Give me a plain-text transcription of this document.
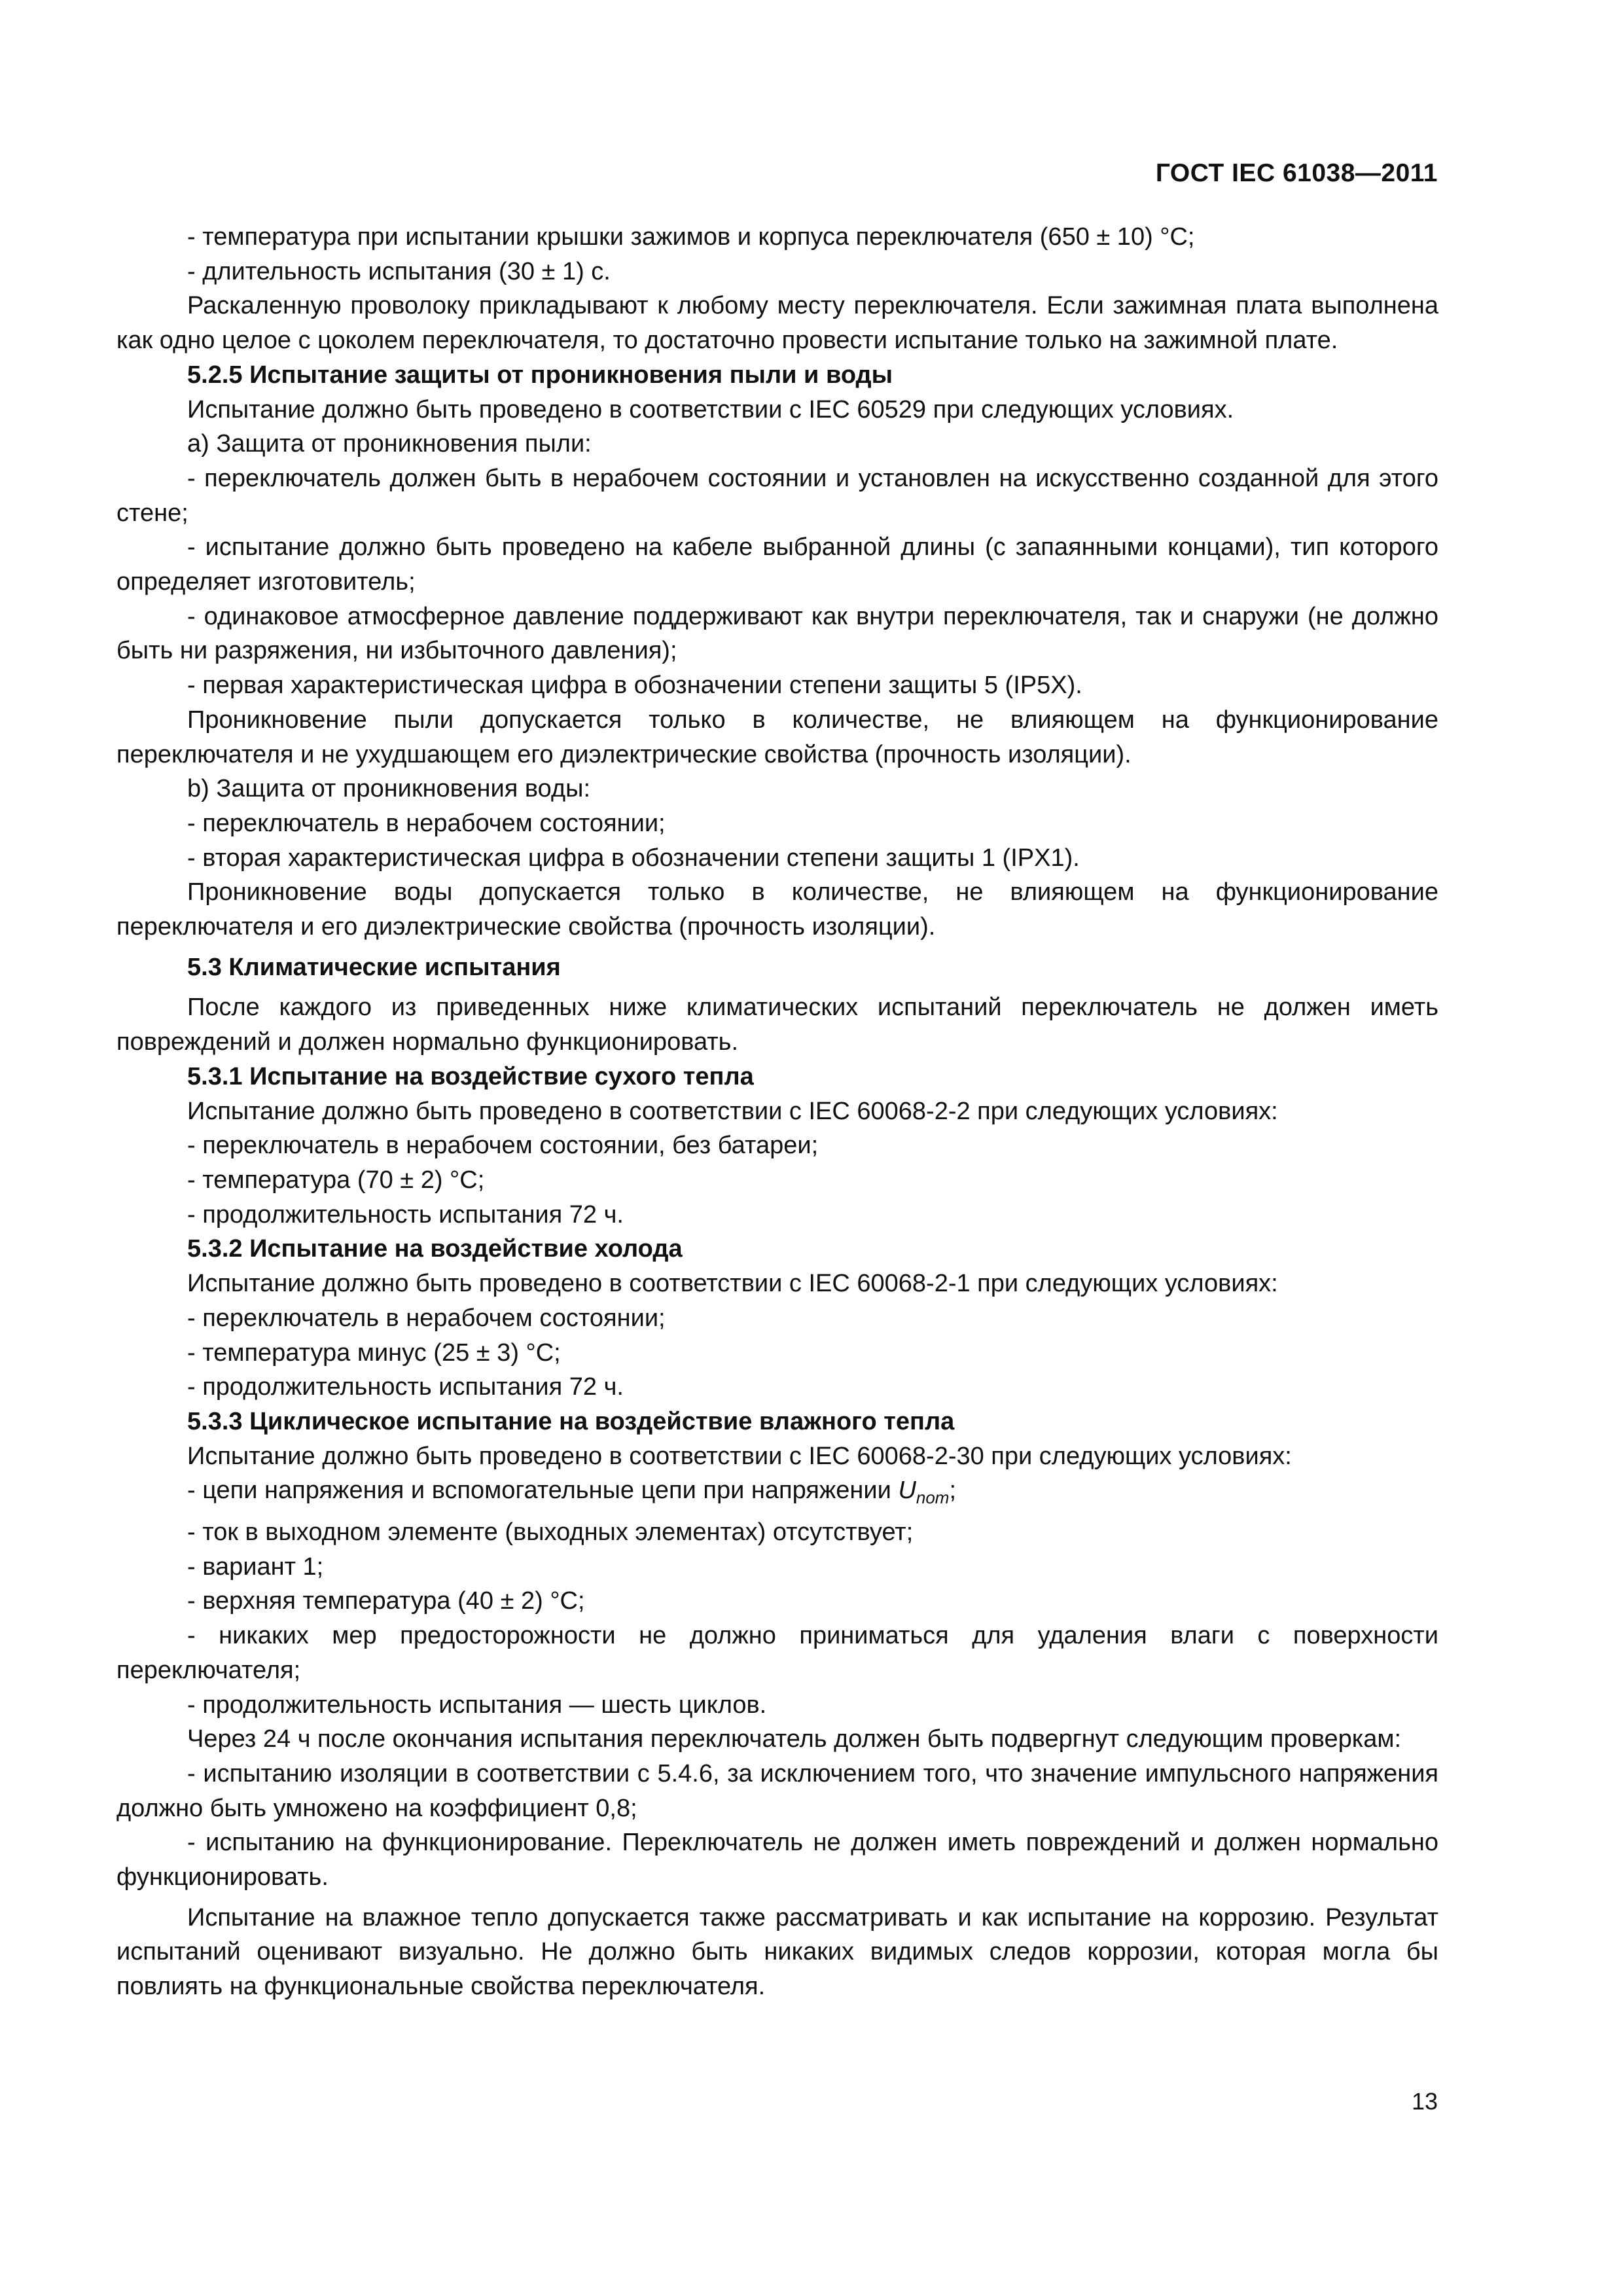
ГОСТ IEC 61038—2011

- температура при испытании крышки зажимов и корпуса переключателя (650 ± 10) °C;

- длительность испытания (30 ± 1) с.

Раскаленную проволоку прикладывают к любому месту переключателя. Если зажимная плата выполнена как одно целое с цоколем переключателя, то достаточно провести испытание только на зажимной плате.

5.2.5 Испытание защиты от проникновения пыли и воды

Испытание должно быть проведено в соответствии с IEC 60529 при следующих условиях.

a) Защита от проникновения пыли:

- переключатель должен быть в нерабочем состоянии и установлен на искусственно созданной для этого стене;

- испытание должно быть проведено на кабеле выбранной длины (с запаянными концами), тип которого определяет изготовитель;

- одинаковое атмосферное давление поддерживают как внутри переключателя, так и снаружи (не должно быть ни разряжения, ни избыточного давления);

- первая характеристическая цифра в обозначении степени защиты 5 (IP5X).

Проникновение пыли допускается только в количестве, не влияющем на функционирование переключателя и не ухудшающем его диэлектрические свойства (прочность изоляции).

b) Защита от проникновения воды:

- переключатель в нерабочем состоянии;

- вторая характеристическая цифра в обозначении степени защиты 1 (IPX1).

Проникновение воды допускается только в количестве, не влияющем на функционирование переключателя и его диэлектрические свойства (прочность изоляции).

5.3 Климатические испытания

После каждого из приведенных ниже климатических испытаний переключатель не должен иметь повреждений и должен нормально функционировать.

5.3.1 Испытание на воздействие сухого тепла

Испытание должно быть проведено в соответствии с IEC 60068-2-2 при следующих условиях:

- переключатель в нерабочем состоянии, без батареи;

- температура (70 ± 2) °C;

- продолжительность испытания 72 ч.

5.3.2 Испытание на воздействие холода

Испытание должно быть проведено в соответствии с IEC 60068-2-1 при следующих условиях:

- переключатель в нерабочем состоянии;

- температура минус (25 ± 3) °C;

- продолжительность испытания 72 ч.

5.3.3 Циклическое испытание на воздействие влажного тепла

Испытание должно быть проведено в соответствии с IEC 60068-2-30 при следующих условиях:

- цепи напряжения и вспомогательные цепи при напряжении $U_{nom}$;

- ток в выходном элементе (выходных элементах) отсутствует;

- вариант 1;

- верхняя температура (40 ± 2) °C;

- никаких мер предосторожности не должно приниматься для удаления влаги с поверхности переключателя;

- продолжительность испытания — шесть циклов.

Через 24 ч после окончания испытания переключатель должен быть подвергнут следующим проверкам:

- испытанию изоляции в соответствии с 5.4.6, за исключением того, что значение импульсного напряжения должно быть умножено на коэффициент 0,8;

- испытанию на функционирование. Переключатель не должен иметь повреждений и должен нормально функционировать.

Испытание на влажное тепло допускается также рассматривать и как испытание на коррозию. Результат испытаний оценивают визуально. Не должно быть никаких видимых следов коррозии, которая могла бы повлиять на функциональные свойства переключателя.

13
